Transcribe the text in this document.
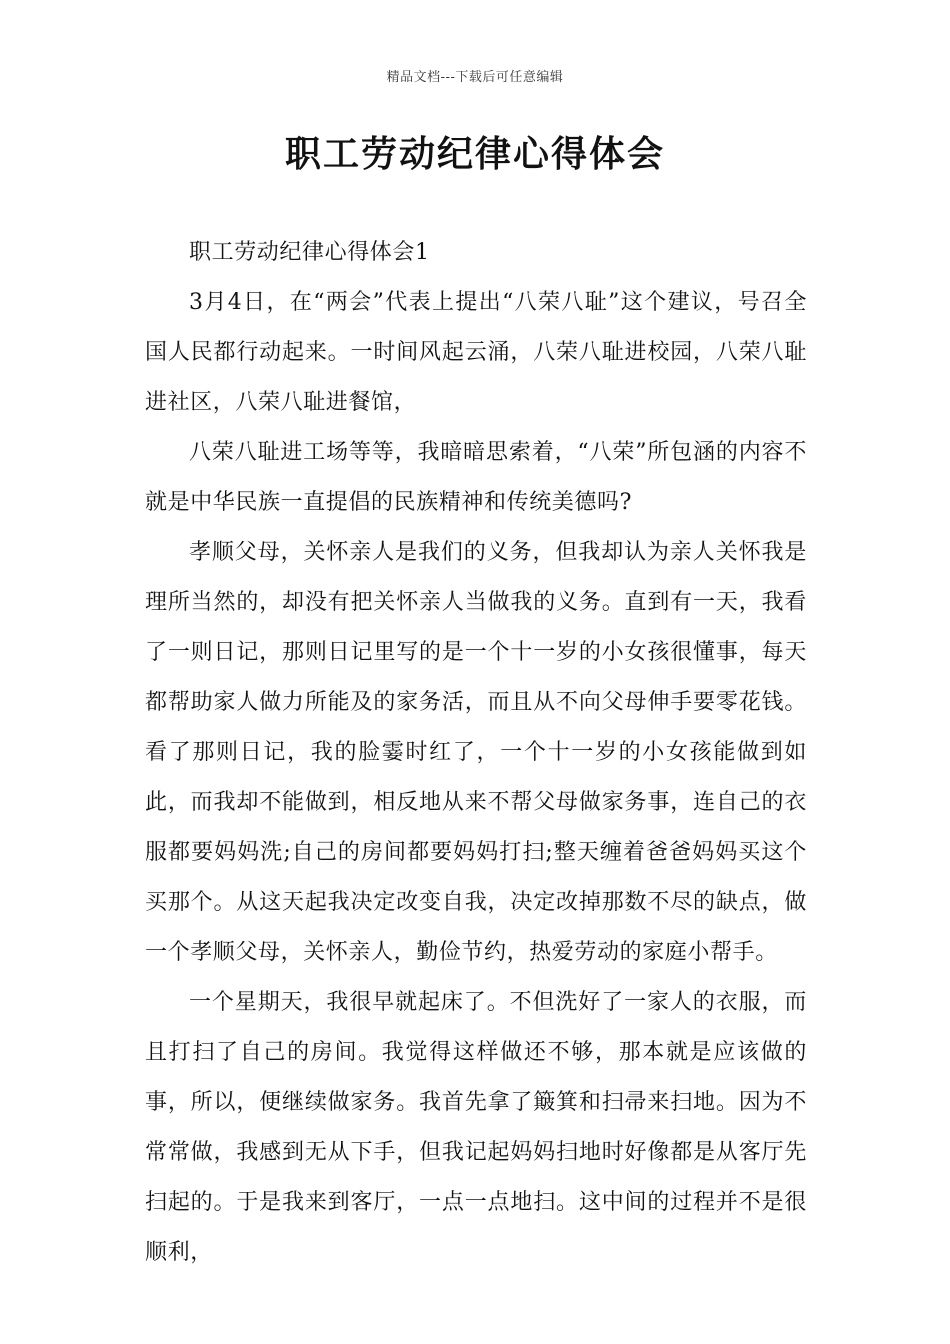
精品文档---下载后可任意编辑
职工劳动纪律心得体会

职工劳动纪律心得体会1

3月4日，在“两会”代表上提出“八荣八耻”这个建议，号召全国人民都行动起来。一时间风起云涌，八荣八耻进校园，八荣八耻进社区，八荣八耻进餐馆，

八荣八耻进工场等等，我暗暗思索着，“八荣”所包涵的内容不就是中华民族一直提倡的民族精神和传统美德吗?

孝顺父母，关怀亲人是我们的义务，但我却认为亲人关怀我是理所当然的，却没有把关怀亲人当做我的义务。直到有一天，我看了一则日记，那则日记里写的是一个十一岁的小女孩很懂事，每天都帮助家人做力所能及的家务活，而且从不向父母伸手要零花钱。看了那则日记，我的脸霎时红了，一个十一岁的小女孩能做到如此，而我却不能做到，相反地从来不帮父母做家务事，连自己的衣服都要妈妈洗;自己的房间都要妈妈打扫;整天缠着爸爸妈妈买这个买那个。从这天起我决定改变自我，决定改掉那数不尽的缺点，做一个孝顺父母，关怀亲人，勤俭节约，热爱劳动的家庭小帮手。

一个星期天，我很早就起床了。不但洗好了一家人的衣服，而且打扫了自己的房间。我觉得这样做还不够，那本就是应该做的事，所以，便继续做家务。我首先拿了簸箕和扫帚来扫地。因为不常常做，我感到无从下手，但我记起妈妈扫地时好像都是从客厅先扫起的。于是我来到客厅，一点一点地扫。这中间的过程并不是很顺利，
